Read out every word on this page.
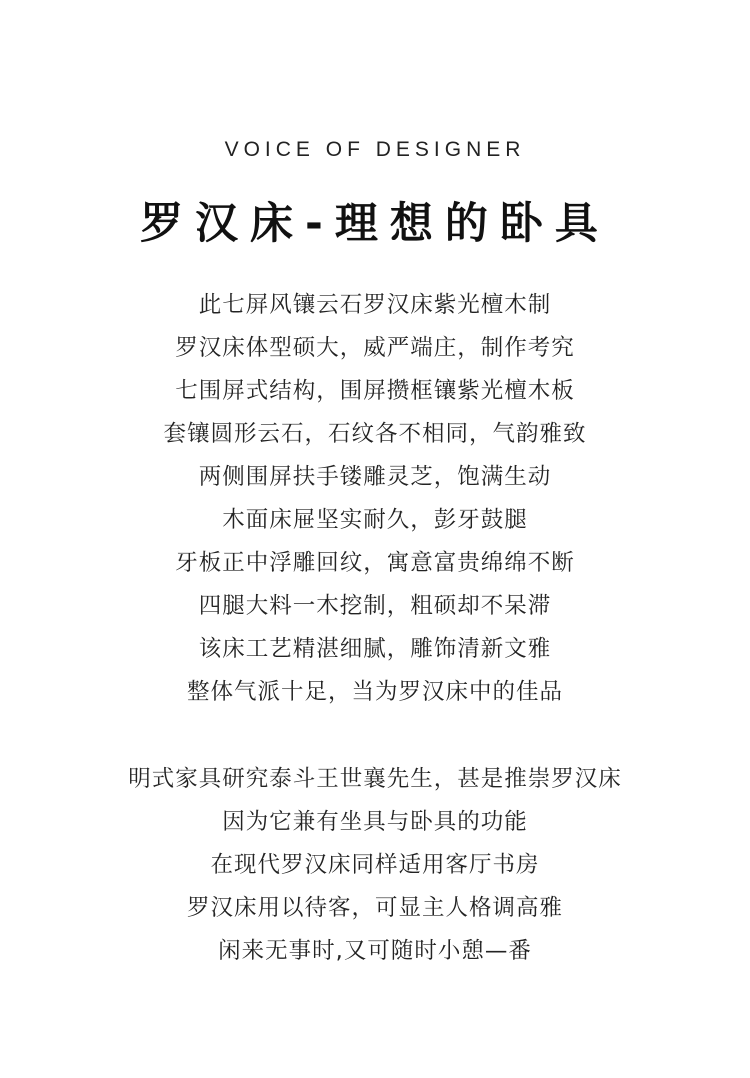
VOICE OF DESIGNER
罗汉床-理想的卧具
此七屏风镶云石罗汉床紫光檀木制
罗汉床体型硕大，威严端庄，制作考究
七围屏式结构，围屏攒框镶紫光檀木板
套镶圆形云石，石纹各不相同，气韵雅致
两侧围屏扶手镂雕灵芝，饱满生动
木面床屉坚实耐久，彭牙鼓腿
牙板正中浮雕回纹，寓意富贵绵绵不断
四腿大料一木挖制，粗硕却不呆滞
该床工艺精湛细腻，雕饰清新文雅
整体气派十足，当为罗汉床中的佳品
明式家具研究泰斗王世襄先生，甚是推崇罗汉床
因为它兼有坐具与卧具的功能
在现代罗汉床同样适用客厅书房
罗汉床用以待客，可显主人格调高雅
闲来无事时,又可随时小憩—番
